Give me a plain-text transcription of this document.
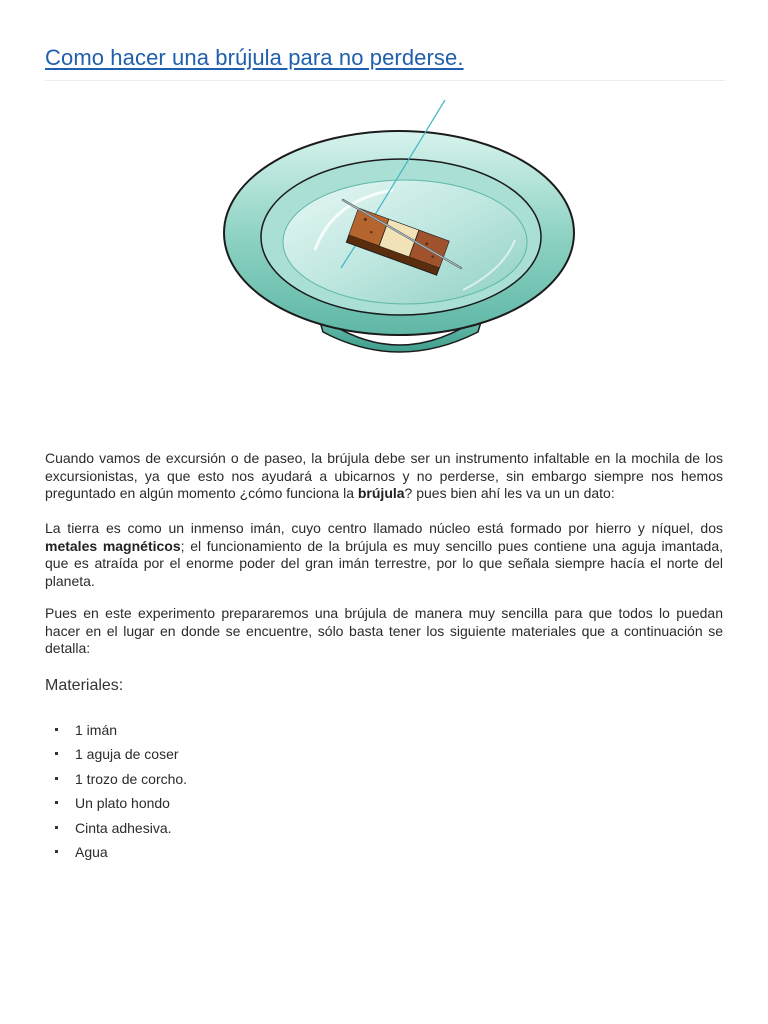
Como hacer una brújula para no perderse.

Cuando vamos de excursión o de paseo, la brújula debe ser un instrumento infaltable en la mochila de los excursionistas, ya que esto nos ayudará a ubicarnos y no perderse, sin embargo siempre nos hemos preguntado en algún momento ¿cómo funciona la brújula? pues bien ahí les va un un dato:

La tierra es como un inmenso imán, cuyo centro llamado núcleo está formado por hierro y níquel, dos metales magnéticos; el funcionamiento de la brújula es muy sencillo pues contiene una aguja imantada, que es atraída por el enorme poder del gran imán terrestre, por lo que señala siempre hacía el norte del planeta.

Pues en este experimento prepararemos una brújula de manera muy sencilla para que todos lo puedan hacer en el lugar en donde se encuentre, sólo basta tener los siguiente materiales que a continuación se detalla:

Materiales:
1 imán
1 aguja de coser
1 trozo de corcho.
Un plato hondo
Cinta adhesiva.
Agua
